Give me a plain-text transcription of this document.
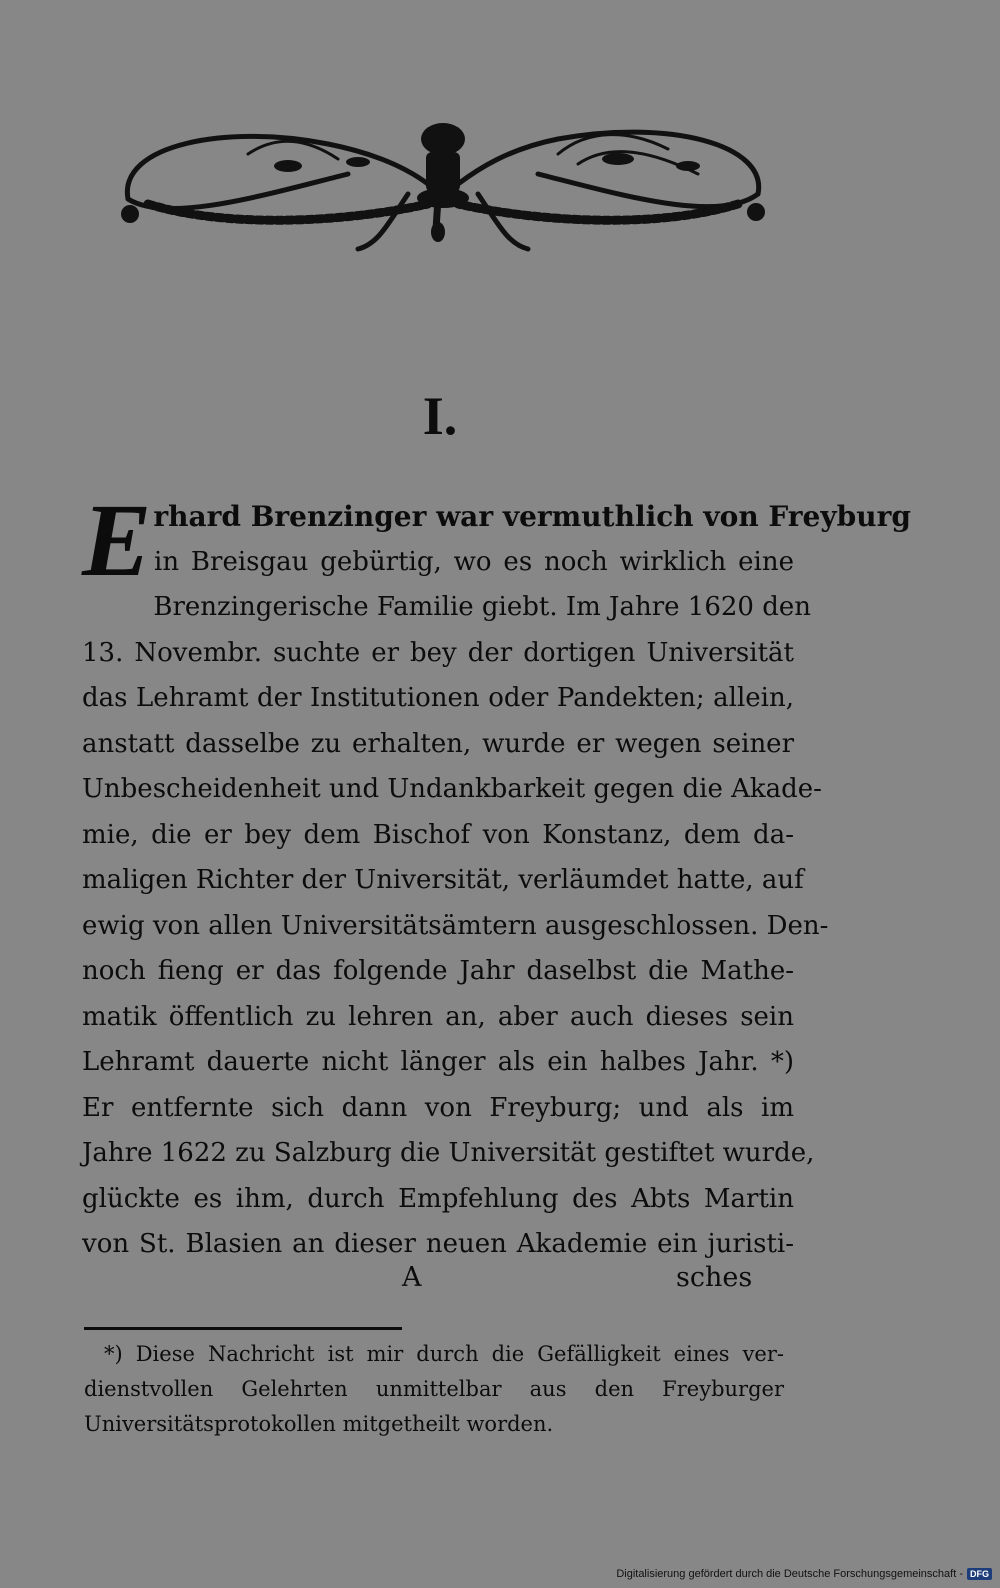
I.
E rhard Brenzinger war vermuthlich von Freyburg
in Breisgau gebürtig, wo es noch wirklich eine
Brenzingerische Familie giebt. Im Jahre 1620 den
13. Novembr. suchte er bey der dortigen Universität
das Lehramt der Institutionen oder Pandekten; allein,
anstatt dasselbe zu erhalten, wurde er wegen seiner
Unbescheidenheit und Undankbarkeit gegen die Akade-
mie, die er bey dem Bischof von Konstanz, dem da-
maligen Richter der Universität, verläumdet hatte, auf
ewig von allen Universitätsämtern ausgeschlossen. Den-
noch fieng er das folgende Jahr daselbst die Mathe-
matik öffentlich zu lehren an, aber auch dieses sein
Lehramt dauerte nicht länger als ein halbes Jahr. *)
Er entfernte sich dann von Freyburg; und als im
Jahre 1622 zu Salzburg die Universität gestiftet wurde,
glückte es ihm, durch Empfehlung des Abts Martin
von St. Blasien an dieser neuen Akademie ein juristi-
A	sches
*) Diese Nachricht ist mir durch die Gefälligkeit eines ver-
dienstvollen Gelehrten unmittelbar aus den Freyburger
Universitätsprotokollen mitgetheilt worden.
Digitalisierung gefördert durch die Deutsche Forschungsgemeinschaft - DFG
